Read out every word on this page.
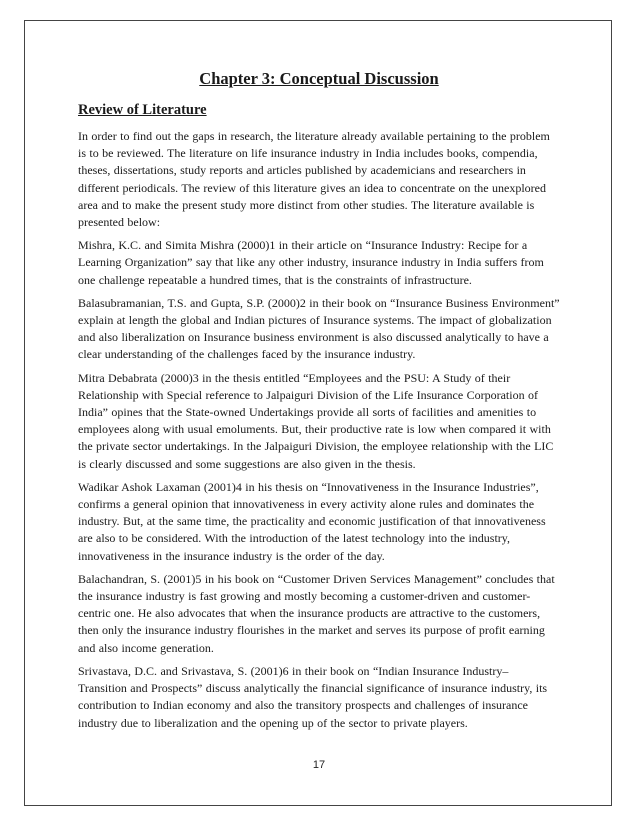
Chapter 3: Conceptual Discussion
Review of Literature

In order to find out the gaps in research, the literature already available pertaining to the problem is to be reviewed. The literature on life insurance industry in India includes books, compendia, theses, dissertations, study reports and articles published by academicians and researchers in different periodicals. The review of this literature gives an idea to concentrate on the unexplored area and to make the present study more distinct from other studies. The literature available is presented below:

Mishra, K.C. and Simita Mishra (2000)1 in their article on “Insurance Industry: Recipe for a Learning Organization” say that like any other industry, insurance industry in India suffers from one challenge repeatable a hundred times, that is the constraints of infrastructure.

Balasubramanian, T.S. and Gupta, S.P. (2000)2 in their book on “Insurance Business Environment” explain at length the global and Indian pictures of Insurance systems. The impact of globalization and also liberalization on Insurance business environment is also discussed analytically to have a clear understanding of the challenges faced by the insurance industry.

Mitra Debabrata (2000)3 in the thesis entitled “Employees and the PSU: A Study of their Relationship with Special reference to Jalpaiguri Division of the Life Insurance Corporation of India” opines that the State-owned Undertakings provide all sorts of facilities and amenities to employees along with usual emoluments. But, their productive rate is low when compared it with the private sector undertakings. In the Jalpaiguri Division, the employee relationship with the LIC is clearly discussed and some suggestions are also given in the thesis.

Wadikar Ashok Laxaman (2001)4 in his thesis on “Innovativeness in the Insurance Industries”, confirms a general opinion that innovativeness in every activity alone rules and dominates the industry. But, at the same time, the practicality and economic justification of that innovativeness are also to be considered. With the introduction of the latest technology into the industry, innovativeness in the insurance industry is the order of the day.

Balachandran, S. (2001)5 in his book on “Customer Driven Services Management” concludes that the insurance industry is fast growing and mostly becoming a customer-driven and customer-centric one. He also advocates that when the insurance products are attractive to the customers, then only the insurance industry flourishes in the market and serves its purpose of profit earning and also income generation.

Srivastava, D.C. and Srivastava, S. (2001)6 in their book on “Indian Insurance Industry– Transition and Prospects” discuss analytically the financial significance of insurance industry, its contribution to Indian economy and also the transitory prospects and challenges of insurance industry due to liberalization and the opening up of the sector to private players.

17
